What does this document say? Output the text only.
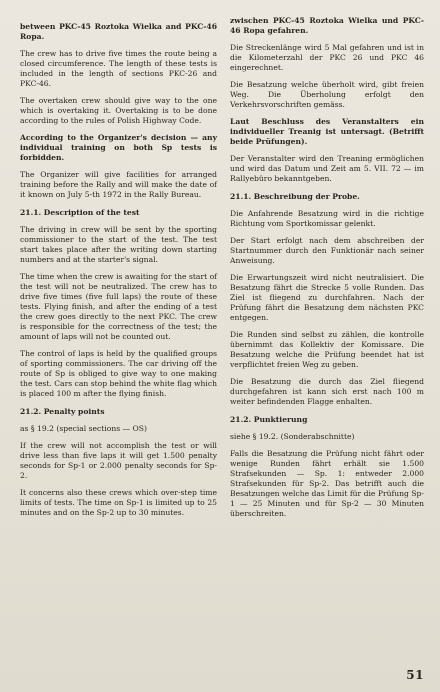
between PKC-45 Roztoka Wielka and PKC-46 Ropa.

The crew has to drive five times the route being a closed circumference. The length of these tests is included in the length of sections PKC-26 and PKC-46.

The overtaken crew should give way to the one which is overtaking it. Overtaking is to be done according to the rules of Polish Highway Code.

According to the Organizer's decision — any individual training on both Sp tests is forbidden.

The Organizer will give facilities for arranged training before the Rally and will make the date of it known on July 5-th 1972 in the Rally Bureau.

21.1. Description of the test

The driving in crew will be sent by the sporting commissioner to the start of the test. The test start takes place after the writing down starting numbers and at the starter's signal.

The time when the crew is awaiting for the start of the test will not be neutralized. The crew has to drive five times (five full laps) the route of these tests. Flying finish, and after the ending of a test the crew goes directly to the next PKC. The crew is responsible for the correctness of the test; the amount of laps will not be counted out.

The control of laps is held by the qualified groups of sporting commissioners. The car driving off the route of Sp is obliged to give way to one making the test. Cars can stop behind the white flag which is placed 100 m after the flying finish.

21.2. Penalty points

as § 19.2 (special sections — OS)

If the crew will not accomplish the test or will drive less than five laps it will get 1.500 penalty seconds for Sp-1 or 2.000 penalty seconds for Sp-2.

It concerns also these crews which over-step time limits of tests. The time on Sp-1 is limited up to 25 minutes and on the Sp-2 up to 30 minutes.

zwischen PKC-45 Roztoka Wielka und PKC-46 Ropa gefahren.

Die Streckenlänge wird 5 Mal gefahren und ist in die Kilometerzahl der PKC 26 und PKC 46 eingerechnet.

Die Besatzung welche überholt wird, gibt freien Weg. Die Überholung erfolgt den Verkehrsvorschriften gemäss.

Laut Beschluss des Veranstalters ein individueller Treanig ist untersagt. (Betrifft beide Prüfungen).

Der Veranstalter wird den Treaning ermöglichen und wird das Datum und Zeit am 5. VII. 72 — im Rallyebüro bekanntgeben.

21.1. Beschreibung der Probe.

Die Anfahrende Besatzung wird in die richtige Richtung vom Sportkomissar gelenkt.

Der Start erfolgt nach dem abschreiben der Startnummer durch den Funktionär nach seiner Anweisung.

Die Erwartungszeit wird nicht neutralisiert. Die Besatzung fährt die Strecke 5 volle Runden. Das Ziel ist fliegend zu durchfahren. Nach der Prüfung fährt die Besatzung dem nächsten PKC entgegen.

Die Runden sind selbst zu zählen, die kontrolle übernimmt das Kollektiv der Komissare. Die Besatzung welche die Prüfung beendet hat ist verpflichtet freien Weg zu geben.

Die Besatzung die durch das Ziel fliegend durchgefahren ist kann sich erst nach 100 m weiter befindenden Flagge enhalten.

21.2. Punktierung

siehe § 19.2. (Sonderabschnitte)

Falls die Besatzung die Prüfung nicht fährt oder wenige Runden fährt erhält sie 1.500 Strafsekunden — Sp. 1: entweder 2.000 Strafsekunden für Sp-2. Das betrifft auch die Besatzungen welche das Limit für die Prüfung Sp-1 — 25 Minuten und für Sp-2 — 30 Minuten überschreiten.

51
